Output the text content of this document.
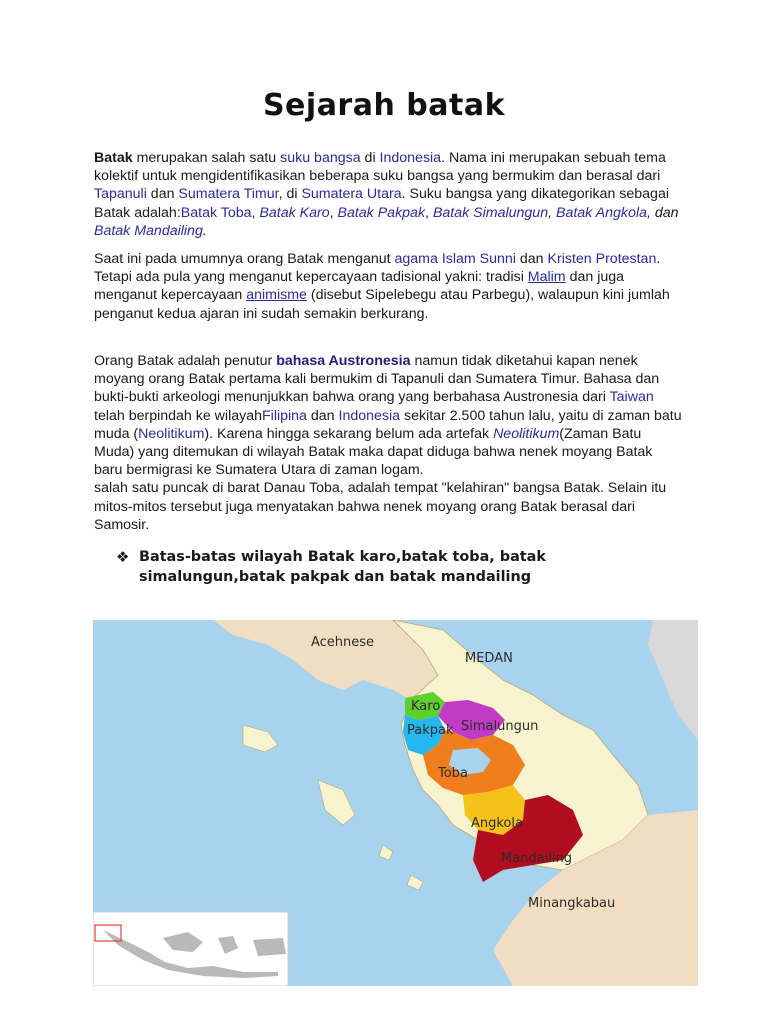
Sejarah batak

Batak merupakan salah satu suku bangsa di Indonesia. Nama ini merupakan sebuah tema kolektif untuk mengidentifikasikan beberapa suku bangsa yang bermukim dan berasal dari Tapanuli dan Sumatera Timur, di Sumatera Utara. Suku bangsa yang dikategorikan sebagai Batak adalah:Batak Toba, Batak Karo, Batak Pakpak, Batak Simalungun, Batak Angkola, dan Batak Mandailing.

Saat ini pada umumnya orang Batak menganut agama Islam Sunni dan Kristen Protestan. Tetapi ada pula yang menganut kepercayaan tadisional yakni: tradisi Malim dan juga menganut kepercayaan animisme (disebut Sipelebegu atau Parbegu), walaupun kini jumlah penganut kedua ajaran ini sudah semakin berkurang.

Orang Batak adalah penutur bahasa Austronesia namun tidak diketahui kapan nenek moyang orang Batak pertama kali bermukim di Tapanuli dan Sumatera Timur. Bahasa dan bukti-bukti arkeologi menunjukkan bahwa orang yang berbahasa Austronesia dari Taiwan telah berpindah ke wilayahFilipina dan Indonesia sekitar 2.500 tahun lalu, yaitu di zaman batu muda (Neolitikum). Karena hingga sekarang belum ada artefak Neolitikum(Zaman Batu Muda) yang ditemukan di wilayah Batak maka dapat diduga bahwa nenek moyang Batak baru bermigrasi ke Sumatera Utara di zaman logam.
salah satu puncak di barat Danau Toba, adalah tempat "kelahiran" bangsa Batak. Selain itu mitos-mitos tersebut juga menyatakan bahwa nenek moyang orang Batak berasal dari Samosir.

❖ Batas-batas wilayah Batak karo,batak toba, batak simalungun,batak pakpak dan batak mandailing
Acehnese
MEDAN
Karo
Simalungun
Pakpak
Toba
Angkola
Mandailing
Minangkabau
